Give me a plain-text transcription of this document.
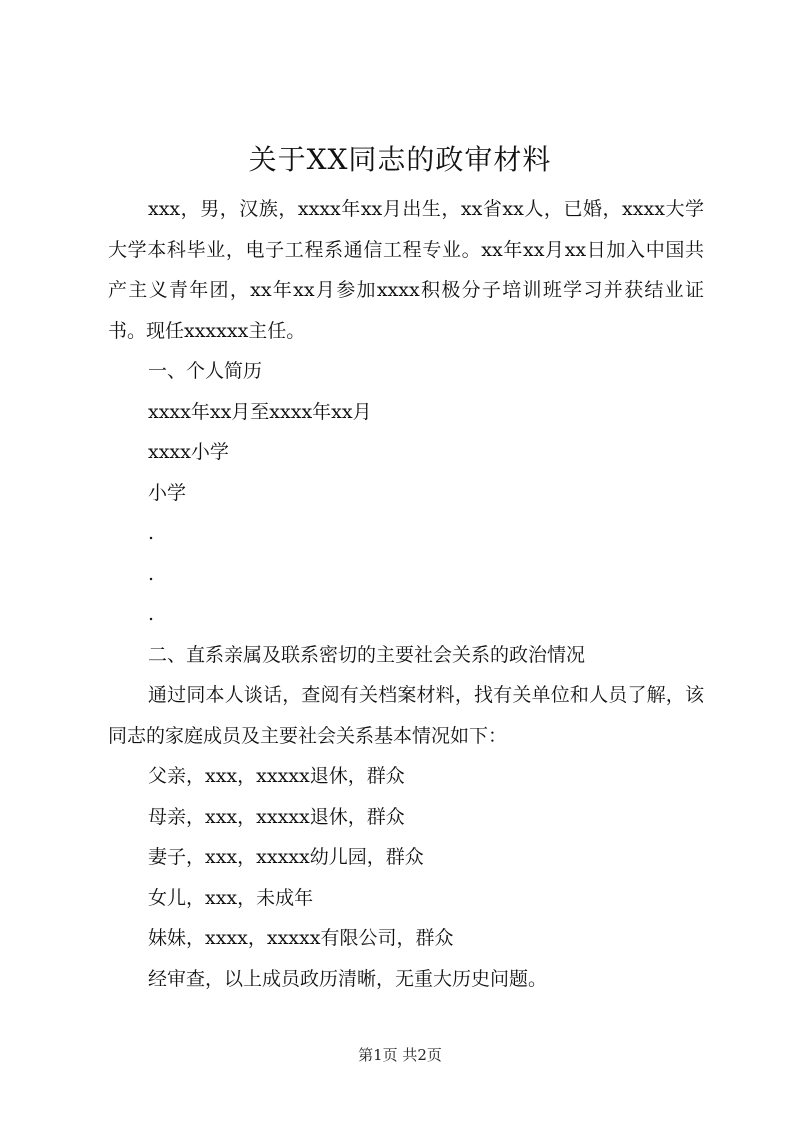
关于XX同志的政审材料

xxx，男，汉族，xxxx年xx月出生，xx省xx人，已婚，xxxx大学大学本科毕业，电子工程系通信工程专业。xx年xx月xx日加入中国共产主义青年团，xx年xx月参加xxxx积极分子培训班学习并获结业证书。现任xxxxxx主任。

一、个人简历

xxxx年xx月至xxxx年xx月

xxxx小学

小学

.

.

.

二、直系亲属及联系密切的主要社会关系的政治情况

通过同本人谈话，查阅有关档案材料，找有关单位和人员了解，该同志的家庭成员及主要社会关系基本情况如下：

父亲，xxx，xxxxx退休，群众

母亲，xxx，xxxxx退休，群众

妻子，xxx，xxxxx幼儿园，群众

女儿，xxx，未成年

妹妹，xxxx，xxxxx有限公司，群众

经审查，以上成员政历清晰，无重大历史问题。

第1页 共2页
